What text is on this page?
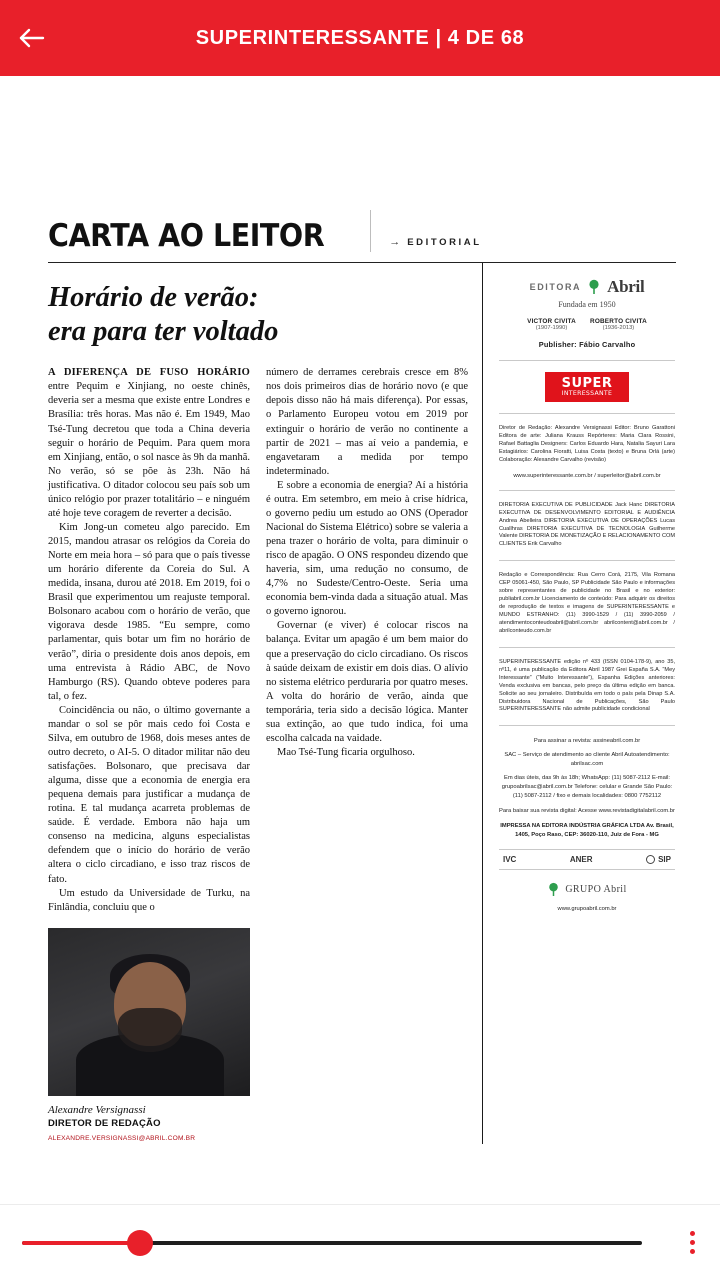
SUPERINTERESSANTE | 4 DE 68
CARTA AO LEITOR	→ EDITORIAL
Horário de verão:
era para ter voltado

A DIFERENÇA DE FUSO HORÁRIO entre Pequim e Xinjiang, no oeste chinês, deveria ser a mesma que existe entre Londres e Brasília: três horas. Mas não é. Em 1949, Mao Tsé-Tung decretou que toda a China deveria seguir o horário de Pequim. Para quem mora em Xinjiang, então, o sol nasce às 9h da manhã. No verão, só se põe às 23h. Não há justificativa. O ditador colocou seu país sob um único relógio por prazer totalitário – e ninguém até hoje teve coragem de reverter a decisão.

Kim Jong-un cometeu algo parecido. Em 2015, mandou atrasar os relógios da Coreia do Norte em meia hora – só para que o país tivesse um horário diferente da Coreia do Sul. A medida, insana, durou até 2018. Em 2019, foi o Brasil que experimentou um reajuste temporal. Bolsonaro acabou com o horário de verão, que vigorava desde 1985. “Eu sempre, como parlamentar, quis botar um fim no horário de verão”, diria o presidente dois anos depois, em uma entrevista à Rádio ABC, de Novo Hamburgo (RS). Quando obteve poderes para tal, o fez.

Coincidência ou não, o último governante a mandar o sol se pôr mais cedo foi Costa e Silva, em outubro de 1968, dois meses antes de outro decreto, o AI-5. O ditador militar não deu satisfações. Bolsonaro, que precisava dar alguma, disse que a economia de energia era pequena demais para justificar a mudança de rotina. E tal mudança acarreta problemas de saúde. É verdade. Embora não haja um consenso na medicina, alguns especialistas defendem que o início do horário de verão altera o ciclo circadiano, e isso traz riscos de fato.

Um estudo da Universidade de Turku, na Finlândia, concluiu que o

Alexandre Versignassi
DIRETOR DE REDAÇÃO
ALEXANDRE.VERSIGNASSI@ABRIL.COM.BR

número de derrames cerebrais cresce em 8% nos dois primeiros dias de horário novo (e que depois disso não há mais diferença). Por essas, o Parlamento Europeu votou em 2019 por extinguir o horário de verão no continente a partir de 2021 – mas aí veio a pandemia, e engavetaram a medida por tempo indeterminado.

E sobre a economia de energia? Aí a história é outra. Em setembro, em meio à crise hídrica, o governo pediu um estudo ao ONS (Operador Nacional do Sistema Elétrico) sobre se valeria a pena trazer o horário de volta, para diminuir o risco de apagão. O ONS respondeu dizendo que haveria, sim, uma redução no consumo, de 4,7% no Sudeste/Centro-Oeste. Seria uma economia bem-vinda dada a situação atual. Mas o governo ignorou.

Governar (e viver) é colocar riscos na balança. Evitar um apagão é um bem maior do que a preservação do ciclo circadiano. Os riscos à saúde deixam de existir em dois dias. O alívio no sistema elétrico perduraria por quatro meses. A volta do horário de verão, ainda que temporária, teria sido a decisão lógica. Manter sua extinção, ao que tudo indica, foi uma escolha calcada na vaidade.

Mao Tsé-Tung ficaria orgulhoso.

EDITORA Abril
Fundada em 1950
VICTOR CIVITA
(1907-1990)
ROBERTO CIVITA
(1936-2013)
Publisher: Fábio Carvalho
SUPER
INTERESSANTE
Diretor de Redação: Alexandre Versignassi Editor: Bruno Garattoni Editora de arte: Juliana Krauss Repórteres: Maria Clara Rossini, Rafael Battaglia Designers: Carlos Eduardo Hara, Natalia Sayuri Lara Estagiários: Carolina Fioratti, Luisa Costa (texto) e Bruna Orlá (arte) Colaboração: Alexandre Carvalho (revisão)
www.superinteressante.com.br / superleitor@abril.com.br
DIRETORIA EXECUTIVA DE PUBLICIDADE Jack Hanc DIRETORIA EXECUTIVA DE DESENVOLVIMENTO EDITORIAL E AUDIÊNCIA Andrea Abelleira DIRETORIA EXECUTIVA DE OPERAÇÕES Lucas Cuallhras DIRETORIA EXECUTIVA DE TECNOLOGIA Guilherme Valente DIRETORIA DE MONETIZAÇÃO E RELACIONAMENTO COM CLIENTES Erik Carvalho
Redação e Correspondência: Rua Cerro Corá, 2175, Vila Romana CEP 05061-450, São Paulo, SP Publicidade São Paulo e informações sobre representantes de publicidade no Brasil e no exterior: publiabril.com.br Licenciamento de conteúdo: Para adquirir os direitos de reprodução de textos e imagens de SUPERINTERESSANTE e MUNDO ESTRANHO: (11) 3990-1529 / (11) 3990-2059 / atendimentoconteudoabril@abril.com.br abrilcontent@abril.com.br / abrilconteudo.com.br
SUPERINTERESSANTE edição nº 433 (ISSN 0104-178-9), ano 35, nº11, é uma publicação da Editora Abril 1987 Grei España S.A. “Mey Interessante” (“Muito Interessante”), Espanha Edições anteriores: Venda exclusiva em bancas, pelo preço da última edição em banca. Solicite ao seu jornaleiro. Distribuída em todo o país pela Dinap S.A. Distribuidora Nacional de Publicações, São Paulo SUPERINTERESSANTE não admite publicidade condicional
Para assinar a revista: assineabril.com.br
SAC – Serviço de atendimento ao cliente Abril Autoatendimento: abrilsac.com
Em dias úteis, das 9h às 18h; WhatsApp: (11) 5087-2112 E-mail: grupoabrilsac@abril.com.br Telefone: celular e Grande São Paulo: (11) 5087-2112 / fixo e demais localidades: 0800 7752112
Para baixar sua revista digital: Acesse www.revistadigitalabril.com.br
IMPRESSA NA EDITORA INDÚSTRIA GRÁFICA LTDA Av. Brasil, 1405, Poço Raso, CEP: 36020-110, Juiz de Fora - MG
IVC	ANER	SIP
GRUPO Abril
www.grupoabril.com.br
